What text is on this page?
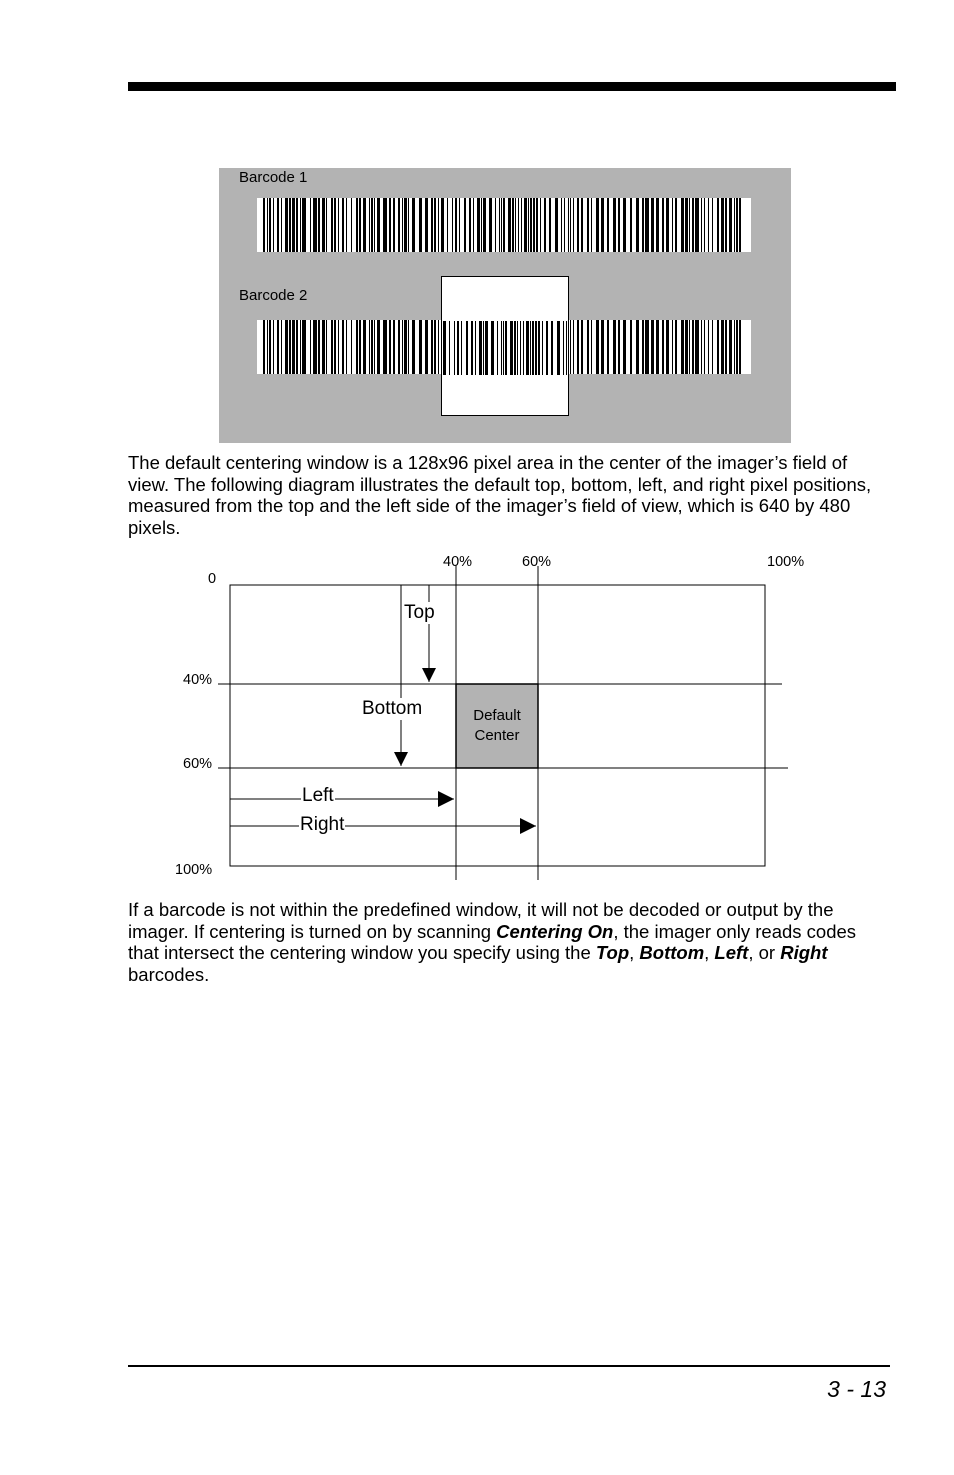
Barcode 1
Barcode 2

The default centering window is a 128x96 pixel area in the center of the imager’s field of view. The following diagram illustrates the default top, bottom, left, and right pixel positions, measured from the top and the left side of the imager’s field of view, which is 640 by 480 pixels.

40%	60%	100%
0
40%
60%
100%
Top
Bottom
Left
Right
Default
Center

If a barcode is not within the predefined window, it will not be decoded or output by the imager. If centering is turned on by scanning Centering On, the imager only reads codes that intersect the centering window you specify using the Top, Bottom, Left, or Right barcodes.

3 - 13
